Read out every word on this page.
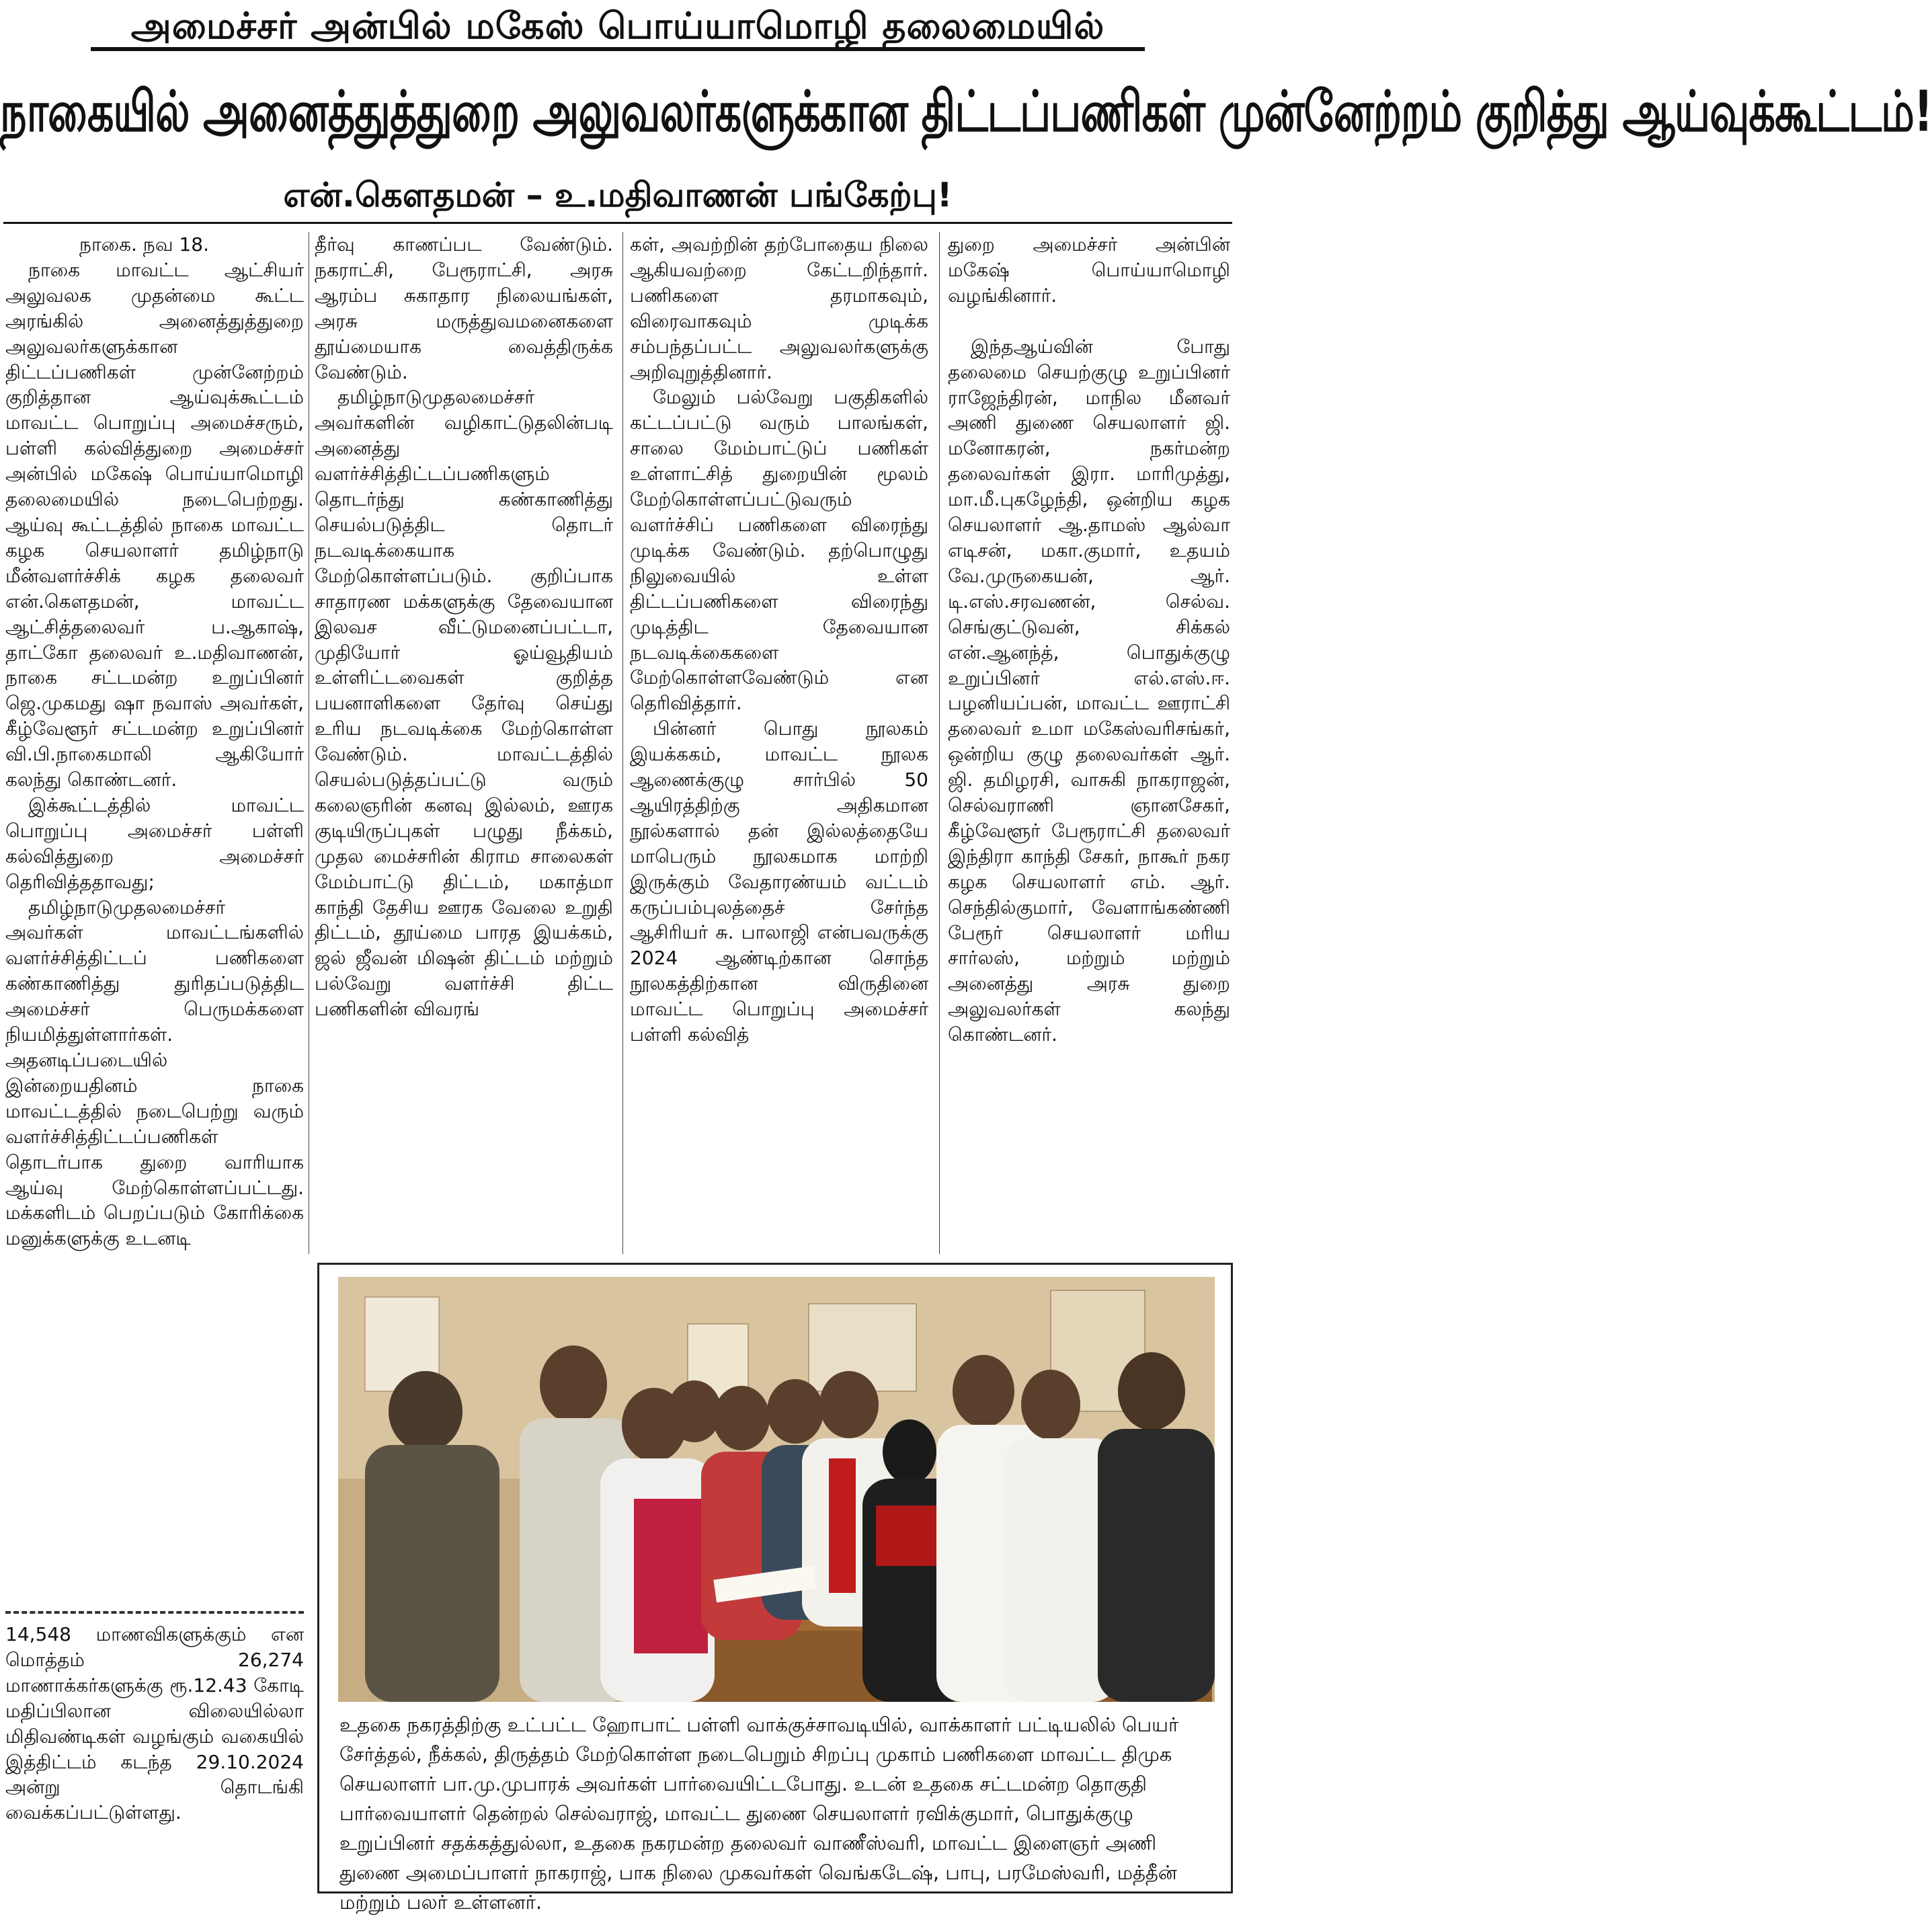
அமைச்சர் அன்பில் மகேஸ் பொய்யாமொழி தலைமையில்
நாகையில் அனைத்துத்துறை அலுவலர்களுக்கான திட்டப்பணிகள் முன்னேற்றம் குறித்து ஆய்வுக்கூட்டம்!
என்.கௌதமன் – உ.மதிவாணன் பங்கேற்பு!

நாகை. நவ 18.

நாகை மாவட்ட ஆட்சியர் அலுவலக முதன்மை கூட்ட அரங்கில் அனைத்துத்துறை அலுவலர்களுக்கான திட்டப்பணிகள் முன்னேற்றம் குறித்தான ஆய்வுக்கூட்டம் மாவட்ட பொறுப்பு அமைச்சரும், பள்ளி கல்வித்துறை அமைச்சர் அன்பில் மகேஷ் பொய்யாமொழி தலைமையில் நடைபெற்றது. ஆய்வு கூட்டத்தில் நாகை மாவட்ட கழக செயலாளர் தமிழ்நாடு மீன்வளர்ச்சிக் கழக தலைவர் என்.கௌதமன், மாவட்ட ஆட்சித்தலைவர் ப.ஆகாஷ், தாட்கோ தலைவர் உ.மதிவாணன், நாகை சட்டமன்ற உறுப்பினர் ஜெ.முகமது ஷா நவாஸ் அவர்கள், கீழ்வேளூர் சட்டமன்ற உறுப்பினர் வி.பி.நாகைமாலி ஆகியோர் கலந்து கொண்டனர்.

இக்கூட்டத்தில் மாவட்ட பொறுப்பு அமைச்சர் பள்ளி கல்வித்துறை அமைச்சர் தெரிவித்ததாவது;

தமிழ்நாடுமுதலமைச்சர் அவர்கள் மாவட்டங்களில் வளர்ச்சித்திட்டப் பணிகளை கண்காணித்து துரிதப்படுத்திட அமைச்சர் பெருமக்களை நியமித்துள்ளார்கள். அதனடிப்படையில் இன்றையதினம் நாகை மாவட்டத்தில் நடைபெற்று வரும் வளர்ச்சித்திட்டப்பணிகள் தொடர்பாக துறை வாரியாக ஆய்வு மேற்கொள்ளப்பட்டது. மக்களிடம் பெறப்படும் கோரிக்கை மனுக்களுக்கு உடனடி

14,548 மாணவிகளுக்கும் என மொத்தம் 26,274 மாணாக்கர்களுக்கு ரூ.12.43 கோடி மதிப்பிலான விலையில்லா மிதிவண்டிகள் வழங்கும் வகையில் இத்திட்டம் கடந்த 29.10.2024 அன்று தொடங்கி வைக்கப்பட்டுள்ளது.

தீர்வு காணப்பட வேண்டும். நகராட்சி, பேரூராட்சி, அரசு ஆரம்ப சுகாதார நிலையங்கள், அரசு மருத்துவமனைகளை தூய்மையாக வைத்திருக்க வேண்டும்.

தமிழ்நாடுமுதலமைச்சர் அவர்களின் வழிகாட்டுதலின்படி அனைத்து வளர்ச்சித்திட்டப்பணிகளும் தொடர்ந்து கண்காணித்து செயல்படுத்திட தொடர் நடவடிக்கையாக மேற்கொள்ளப்படும். குறிப்பாக சாதாரண மக்களுக்கு தேவையான இலவச வீட்டுமனைப்பட்டா, முதியோர் ஓய்வூதியம் உள்ளிட்டவைகள் குறித்த பயனாளிகளை தேர்வு செய்து உரிய நடவடிக்கை மேற்கொள்ள வேண்டும். மாவட்டத்தில் செயல்படுத்தப்பட்டு வரும் கலைஞரின் கனவு இல்லம், ஊரக குடியிருப்புகள் பழுது நீக்கம், முதல மைச்சரின் கிராம சாலைகள் மேம்பாட்டு திட்டம், மகாத்மா காந்தி தேசிய ஊரக வேலை உறுதி திட்டம், தூய்மை பாரத இயக்கம், ஜல் ஜீவன் மிஷன் திட்டம் மற்றும் பல்வேறு வளர்ச்சி திட்ட பணிகளின் விவரங்

கள், அவற்றின் தற்போதைய நிலை ஆகியவற்றை கேட்டறிந்தார். பணிகளை தரமாகவும், விரைவாகவும் முடிக்க சம்பந்தப்பட்ட அலுவலர்களுக்கு அறிவுறுத்தினார்.

மேலும் பல்வேறு பகுதிகளில் கட்டப்பட்டு வரும் பாலங்கள், சாலை மேம்பாட்டுப் பணிகள் உள்ளாட்சித் துறையின் மூலம் மேற்கொள்ளப்பட்டுவரும் வளர்ச்சிப் பணிகளை விரைந்து முடிக்க வேண்டும். தற்பொழுது நிலுவையில் உள்ள திட்டப்பணிகளை விரைந்து முடித்திட தேவையான நடவடிக்கைகளை மேற்கொள்ளவேண்டும் என தெரிவித்தார்.

பின்னர் பொது நூலகம் இயக்ககம், மாவட்ட நூலக ஆணைக்குழு சார்பில் 50 ஆயிரத்திற்கு அதிகமான நூல்களால் தன் இல்லத்தையே மாபெரும் நூலகமாக மாற்றி இருக்கும் வேதாரண்யம் வட்டம் கருப்பம்புலத்தைச் சேர்ந்த ஆசிரியர் சு. பாலாஜி என்பவருக்கு 2024 ஆண்டிற்கான சொந்த நூலகத்திற்கான விருதினை மாவட்ட பொறுப்பு அமைச்சர் பள்ளி கல்வித்

துறை அமைச்சர் அன்பின் மகேஷ் பொய்யாமொழி வழங்கினார்.

இந்தஆய்வின் போது தலைமை செயற்குழு உறுப்பினர் ராஜேந்திரன், மாநில மீனவர் அணி துணை செயலாளர் ஜி. மனோகரன், நகர்மன்ற தலைவர்கள் இரா. மாரிமுத்து, மா.மீ.புகழேந்தி, ஒன்றிய கழக செயலாளர் ஆ.தாமஸ் ஆல்வா எடிசன், மகா.குமார், உதயம் வே.முருகையன், ஆர். டி.எஸ்.சரவணன், செல்வ. செங்குட்டுவன், சிக்கல் என்.ஆனந்த், பொதுக்குழு உறுப்பினர் எல்.எஸ்.ஈ. பழனியப்பன், மாவட்ட ஊராட்சி தலைவர் உமா மகேஸ்வரிசங்கர், ஒன்றிய குழு தலைவர்கள் ஆர். ஜி. தமிழரசி, வாசுகி நாகராஜன், செல்வராணி ஞானசேகர், கீழ்வேளூர் பேரூராட்சி தலைவர் இந்திரா காந்தி சேகர், நாகூர் நகர கழக செயலாளர் எம். ஆர். செந்தில்குமார், வேளாங்கண்ணி பேரூர் செயலாளர் மரிய சார்லஸ், மற்றும் மற்றும் அனைத்து அரசு துறை அலுவலர்கள் கலந்து கொண்டனர்.

உதகை நகரத்திற்கு உட்பட்ட ஹோபாட் பள்ளி வாக்குச்சாவடியில், வாக்காளர் பட்டியலில் பெயர் சேர்த்தல், நீக்கல், திருத்தம் மேற்கொள்ள நடைபெறும் சிறப்பு முகாம் பணிகளை மாவட்ட திமுக செயலாளர் பா.மு.முபாரக் அவர்கள் பார்வையிட்டபோது. உடன் உதகை சட்டமன்ற தொகுதி பார்வையாளர் தென்றல் செல்வராஜ், மாவட்ட துணை செயலாளர் ரவிக்குமார், பொதுக்குழு உறுப்பினர் சதக்கத்துல்லா, உதகை நகரமன்ற தலைவர் வாணீஸ்வரி, மாவட்ட இளைஞர் அணி துணை அமைப்பாளர் நாகராஜ், பாக நிலை முகவர்கள் வெங்கடேஷ், பாபு, பரமேஸ்வரி, மத்தீன் மற்றும் பலர் உள்ளனர்.
